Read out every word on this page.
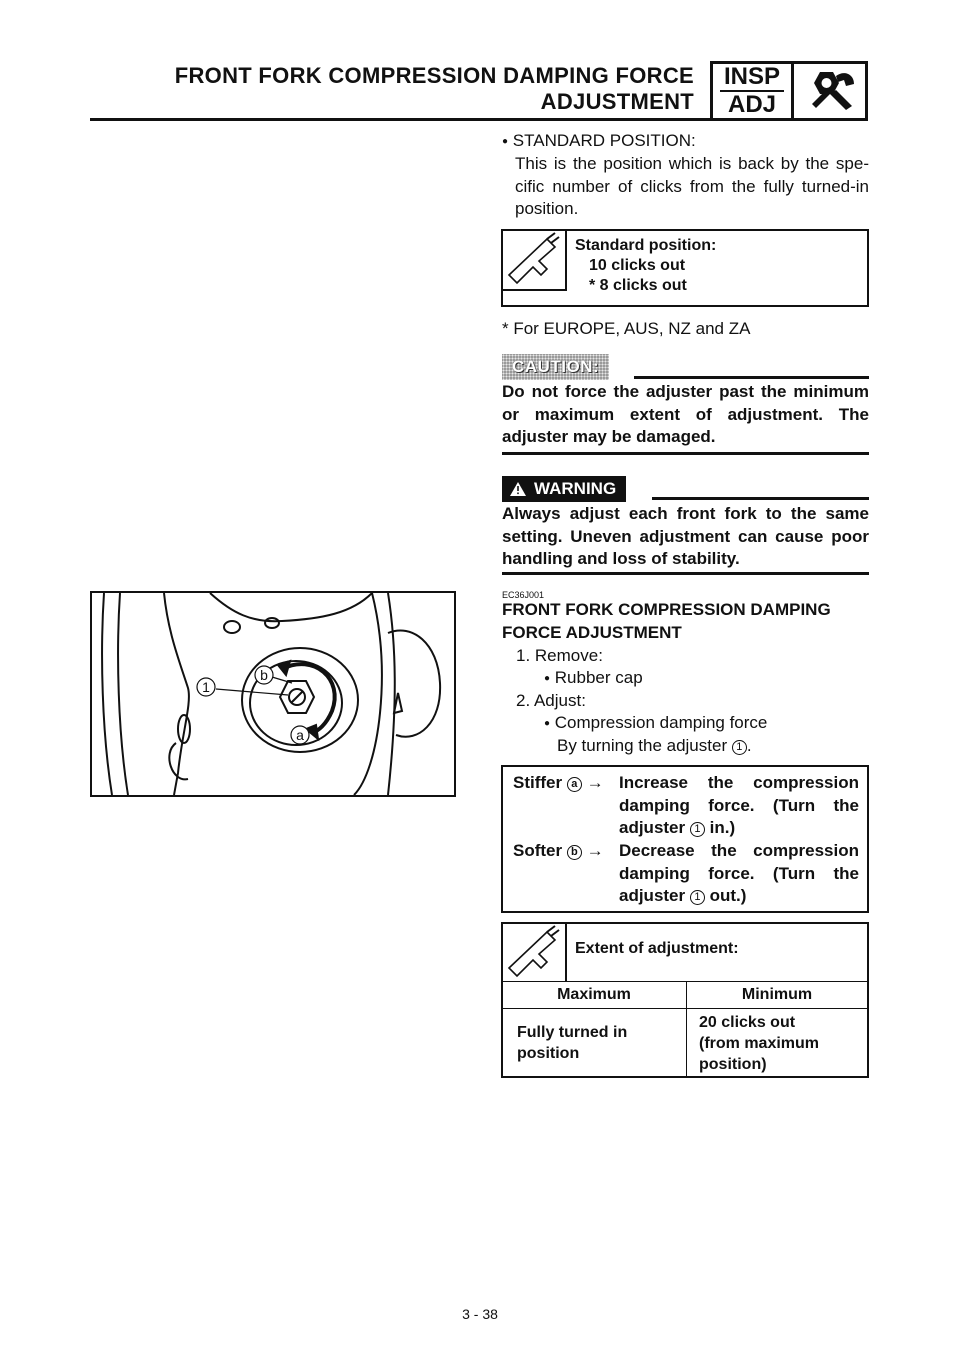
FRONT FORK COMPRESSION DAMPING FORCE
ADJUSTMENT
INSP
ADJ
● STANDARD POSITION:
This is the position which is back by the spe-
cific number of clicks from the fully turned-in
position.
Standard position:
10 clicks out
* 8 clicks out
* For EUROPE, AUS, NZ and ZA
CAUTION:
Do not force the adjuster past the minimum
or maximum extent of adjustment. The
adjuster may be damaged.
WARNING
Always adjust each front fork to the same
setting. Uneven adjustment can cause poor
handling and loss of stability.
EC36J001
FRONT FORK COMPRESSION DAMPING
FORCE ADJUSTMENT
1. Remove:
● Rubber cap
2. Adjust:
● Compression damping force
By turning the adjuster 1 .
Stiffer a → Increase the compression
damping force. (Turn the
adjuster 1 in.)
Softer b → Decrease the compression
damping force. (Turn the
adjuster 1 out.)
Extent of adjustment:
Maximum	Minimum
Fully turned in
position
20 clicks out
(from maximum
position)
1
b
a
3 - 38
